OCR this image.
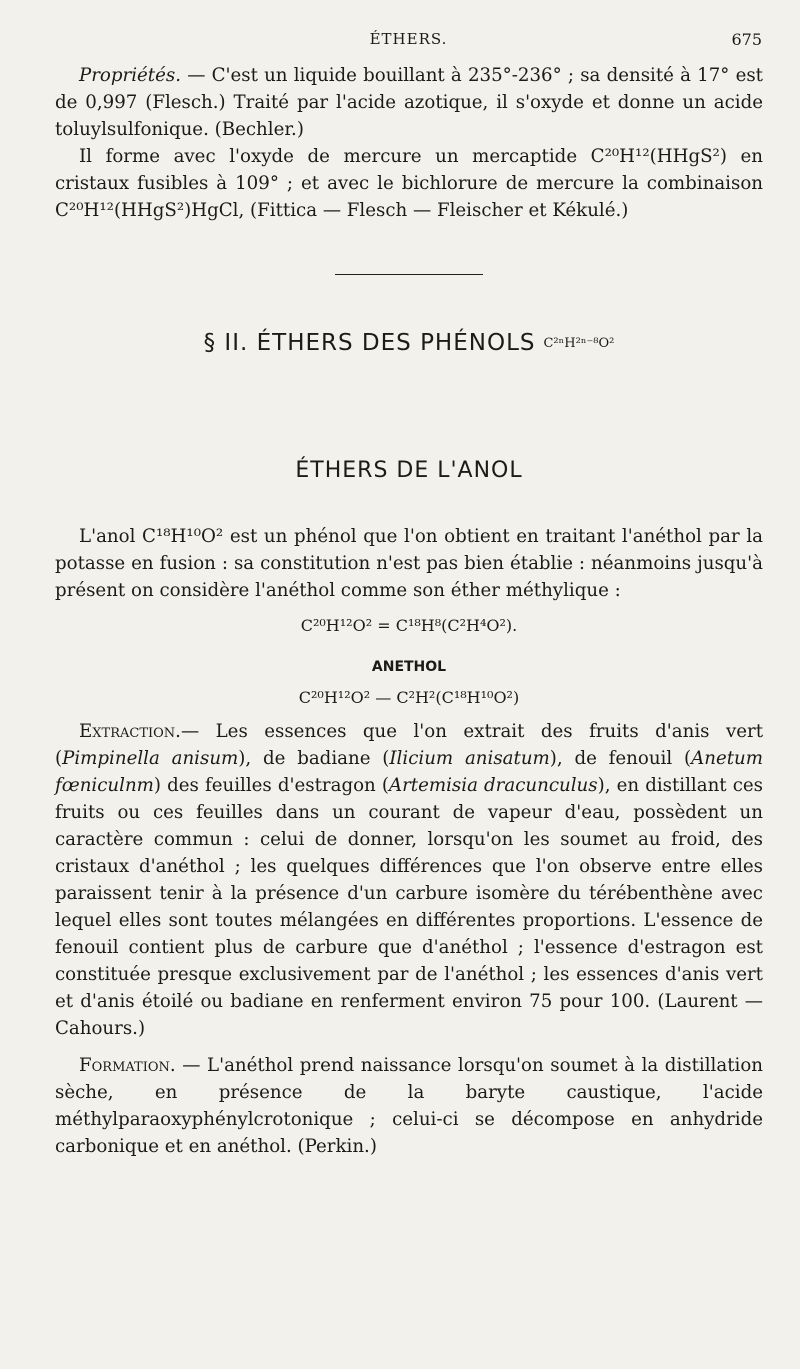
ÉTHERS.	675

Propriétés. — C'est un liquide bouillant à 235°-236° ; sa densité à 17° est de 0,997 (Flesch.) Traité par l'acide azotique, il s'oxyde et donne un acide toluylsulfonique. (Bechler.)

Il forme avec l'oxyde de mercure un mercaptide C²⁰H¹²(HHgS²) en cristaux fusibles à 109° ; et avec le bichlorure de mercure la combinaison C²⁰H¹²(HHgS²)HgCl, (Fittica — Flesch — Fleischer et Kékulé.)

§ II. ÉTHERS DES PHÉNOLS C²ⁿH²ⁿ⁻⁸O²
ÉTHERS DE L'ANOL

L'anol C¹⁸H¹⁰O² est un phénol que l'on obtient en traitant l'anéthol par la potasse en fusion : sa constitution n'est pas bien établie : néanmoins jusqu'à présent on considère l'anéthol comme son éther méthylique :

C²⁰H¹²O² = C¹⁸H⁸(C²H⁴O²).
ANETHOL
C²⁰H¹²O² — C²H²(C¹⁸H¹⁰O²)

Extraction.— Les essences que l'on extrait des fruits d'anis vert (Pimpinella anisum), de badiane (Ilicium anisatum), de fenouil (Anetum fœniculnm) des feuilles d'estragon (Artemisia dracunculus), en distillant ces fruits ou ces feuilles dans un courant de vapeur d'eau, possèdent un caractère commun : celui de donner, lorsqu'on les soumet au froid, des cristaux d'anéthol ; les quelques différences que l'on observe entre elles paraissent tenir à la présence d'un carbure isomère du térébenthène avec lequel elles sont toutes mélangées en différentes proportions. L'essence de fenouil contient plus de carbure que d'anéthol ; l'essence d'estragon est constituée presque exclusivement par de l'anéthol ; les essences d'anis vert et d'anis étoilé ou badiane en renferment environ 75 pour 100. (Laurent — Cahours.)

Formation. — L'anéthol prend naissance lorsqu'on soumet à la distillation sèche, en présence de la baryte caustique, l'acide méthylparaoxyphénylcrotonique ; celui-ci se décompose en anhydride carbonique et en anéthol. (Perkin.)
